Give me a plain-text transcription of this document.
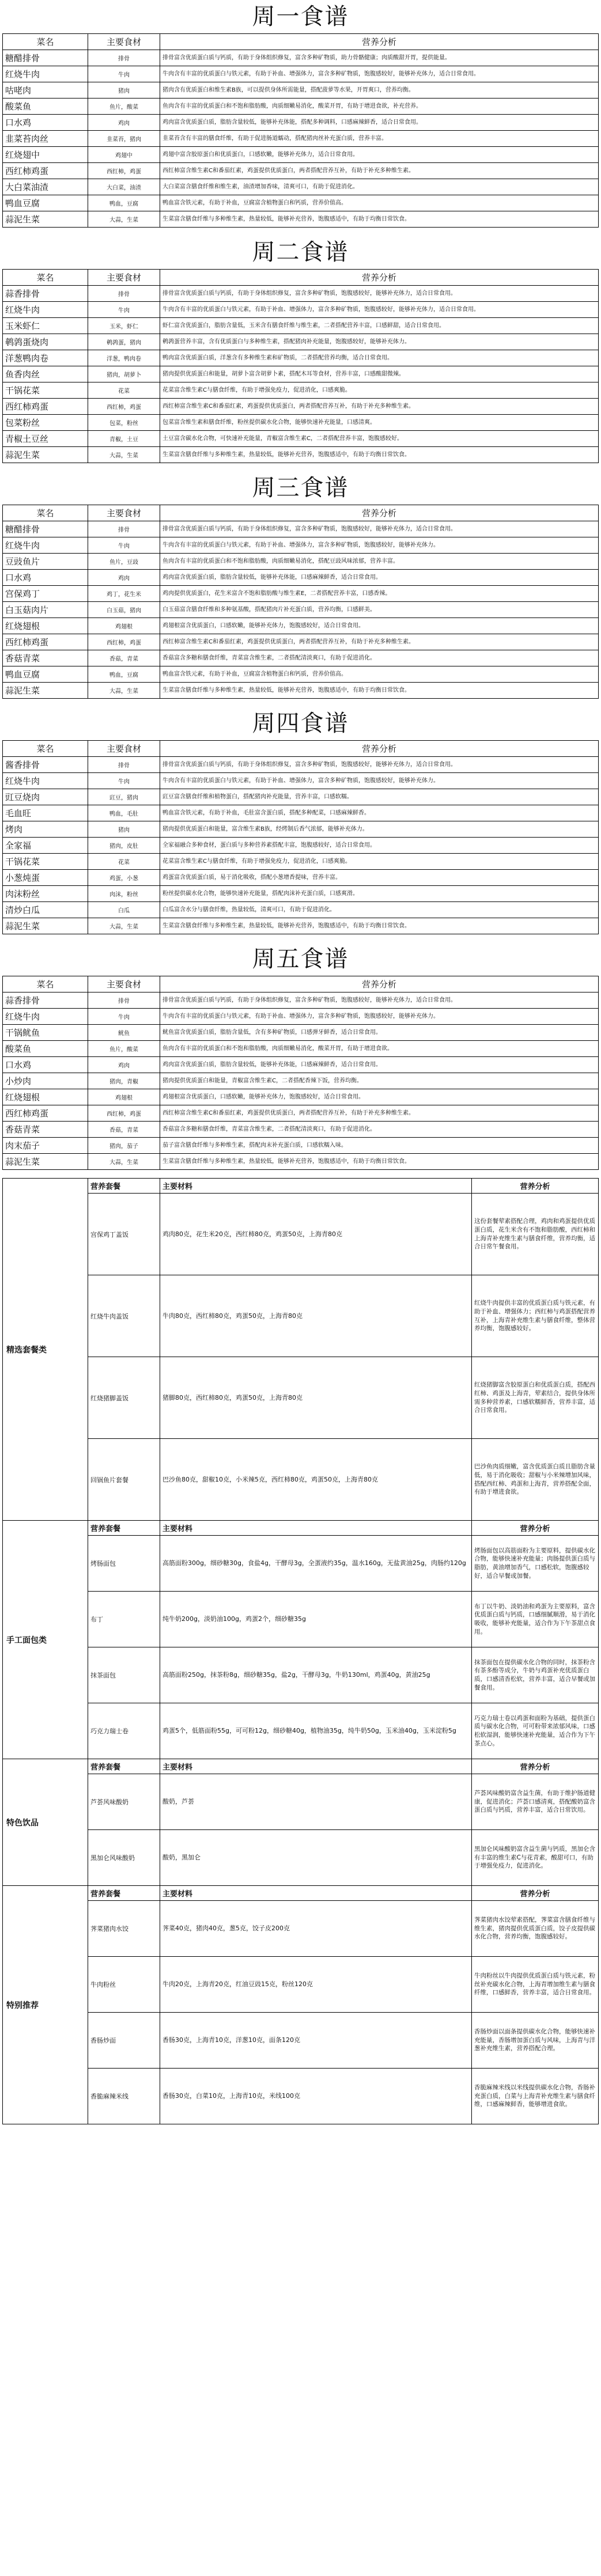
周一食谱
菜名	主要食材	营养分析
糖醋排骨	排骨	排骨富含优质蛋白质与钙质，有助于身体组织修复，富含多种矿物质，助力骨骼健康；肉质酸甜开胃，提供能量。
红烧牛肉	牛肉	牛肉含有丰富的优质蛋白与铁元素，有助于补血、增强体力，富含多种矿物质，饱腹感较好，能够补充体力，适合日常食用。
咕咾肉	猪肉	猪肉含有优质蛋白和维生素B族，可以提供身体所需能量，搭配菠萝等水果，开胃爽口，营养均衡。
酸菜鱼	鱼片，酸菜	鱼肉含有丰富的优质蛋白和不饱和脂肪酸，肉质细嫩易消化，酸菜开胃，有助于增进食欲，补充营养。
口水鸡	鸡肉	鸡肉富含优质蛋白质，脂肪含量较低，能够补充体能，搭配多种调料，口感麻辣鲜香，适合日常食用。
韭菜苔肉丝	韭菜苔，猪肉	韭菜苔含有丰富的膳食纤维，有助于促进肠道蠕动，搭配猪肉丝补充蛋白质，营养丰富。
红烧翅中	鸡翅中	鸡翅中富含胶原蛋白和优质蛋白，口感软嫩，能够补充体力，适合日常食用。
西红柿鸡蛋	西红柿，鸡蛋	西红柿富含维生素C和番茄红素，鸡蛋提供优质蛋白，两者搭配营养互补，有助于补充多种维生素。
大白菜油渣	大白菜，油渣	大白菜富含膳食纤维和维生素，油渣增加香味，清爽可口，有助于促进消化。
鸭血豆腐	鸭血，豆腐	鸭血富含铁元素，有助于补血，豆腐富含植物蛋白和钙质，营养价值高。
蒜泥生菜	大蒜，生菜	生菜富含膳食纤维与多种维生素，热量较低，能够补充营养，饱腹感适中，有助于均衡日常饮食。
周二食谱
菜名	主要食材	营养分析
蒜香排骨	排骨	排骨富含优质蛋白质与钙质，有助于身体组织修复，富含多种矿物质，饱腹感较好，能够补充体力，适合日常食用。
红烧牛肉	牛肉	牛肉含有丰富的优质蛋白与铁元素，有助于补血、增强体力，富含多种矿物质，饱腹感较好，能够补充体力，适合日常食用。
玉米虾仁	玉米，虾仁	虾仁富含优质蛋白，脂肪含量低，玉米含有膳食纤维与维生素，二者搭配营养丰富，口感鲜甜，适合日常食用。
鹌鹑蛋烧肉	鹌鹑蛋，猪肉	鹌鹑蛋营养丰富，含有优质蛋白与多种维生素，搭配猪肉补充能量，饱腹感较好，能够补充体力。
洋葱鸭肉卷	洋葱，鸭肉卷	鸭肉富含优质蛋白质，洋葱含有多种维生素和矿物质，二者搭配营养均衡，适合日常食用。
鱼香肉丝	猪肉，胡萝卜	猪肉提供优质蛋白和能量，胡萝卜富含胡萝卜素，搭配木耳等食材，营养丰富，口感酸甜微辣。
干锅花菜	花菜	花菜富含维生素C与膳食纤维，有助于增强免疫力，促进消化，口感爽脆。
西红柿鸡蛋	西红柿，鸡蛋	西红柿富含维生素C和番茄红素，鸡蛋提供优质蛋白，两者搭配营养互补，有助于补充多种维生素。
包菜粉丝	包菜，粉丝	包菜富含维生素和膳食纤维，粉丝提供碳水化合物，能够快速补充能量，口感清爽。
青椒土豆丝	青椒，土豆	土豆富含碳水化合物，可快速补充能量，青椒富含维生素C，二者搭配营养丰富，饱腹感较好。
蒜泥生菜	大蒜，生菜	生菜富含膳食纤维与多种维生素，热量较低，能够补充营养，饱腹感适中，有助于均衡日常饮食。
周三食谱
菜名	主要食材	营养分析
糖醋排骨	排骨	排骨富含优质蛋白质与钙质，有助于身体组织修复，富含多种矿物质，饱腹感较好，能够补充体力，适合日常食用。
红烧牛肉	牛肉	牛肉含有丰富的优质蛋白与铁元素，有助于补血、增强体力，富含多种矿物质，饱腹感较好，能够补充体力。
豆豉鱼片	鱼片，豆豉	鱼肉含有丰富的优质蛋白和不饱和脂肪酸，肉质细嫩易消化，搭配豆豉风味浓郁，营养丰富。
口水鸡	鸡肉	鸡肉富含优质蛋白质，脂肪含量较低，能够补充体能，口感麻辣鲜香，适合日常食用。
宫保鸡丁	鸡丁，花生米	鸡肉提供优质蛋白，花生米富含不饱和脂肪酸与维生素E，二者搭配营养丰富，口感香辣。
白玉菇肉片	白玉菇，猪肉	白玉菇富含膳食纤维和多种氨基酸，搭配猪肉片补充蛋白质，营养均衡，口感鲜美。
红烧翅根	鸡翅根	鸡翅根富含优质蛋白，口感软嫩，能够补充体力，饱腹感较好，适合日常食用。
西红柿鸡蛋	西红柿，鸡蛋	西红柿富含维生素C和番茄红素，鸡蛋提供优质蛋白，两者搭配营养互补，有助于补充多种维生素。
香菇青菜	香菇，青菜	香菇富含多糖和膳食纤维，青菜富含维生素，二者搭配清淡爽口，有助于促进消化。
鸭血豆腐	鸭血，豆腐	鸭血富含铁元素，有助于补血，豆腐富含植物蛋白和钙质，营养价值高。
蒜泥生菜	大蒜，生菜	生菜富含膳食纤维与多种维生素，热量较低，能够补充营养，饱腹感适中，有助于均衡日常饮食。
周四食谱
菜名	主要食材	营养分析
酱香排骨	排骨	排骨富含优质蛋白质与钙质，有助于身体组织修复，富含多种矿物质，饱腹感较好，能够补充体力，适合日常食用。
红烧牛肉	牛肉	牛肉含有丰富的优质蛋白与铁元素，有助于补血、增强体力，富含多种矿物质，饱腹感较好，能够补充体力。
豇豆烧肉	豇豆，猪肉	豇豆富含膳食纤维和植物蛋白，搭配猪肉补充能量，营养丰富，口感软糯。
毛血旺	鸭血，毛肚	鸭血富含铁元素，有助于补血，毛肚富含蛋白质，搭配多种配菜，口感麻辣鲜香。
烤肉	猪肉	猪肉提供优质蛋白和能量，富含维生素B族，经烤制后香气浓郁，能够补充体力。
全家福	猪肉，皮肚	全家福融合多种食材，蛋白质与多种营养素搭配丰富，饱腹感较好，适合日常食用。
干锅花菜	花菜	花菜富含维生素C与膳食纤维，有助于增强免疫力，促进消化，口感爽脆。
小葱炖蛋	鸡蛋，小葱	鸡蛋富含优质蛋白质，易于消化吸收，搭配小葱增香提味，营养丰富。
肉沫粉丝	肉沫，粉丝	粉丝提供碳水化合物，能够快速补充能量，搭配肉沫补充蛋白质，口感爽滑。
清炒白瓜	白瓜	白瓜富含水分与膳食纤维，热量较低，清爽可口，有助于促进消化。
蒜泥生菜	大蒜，生菜	生菜富含膳食纤维与多种维生素，热量较低，能够补充营养，饱腹感适中，有助于均衡日常饮食。
周五食谱
菜名	主要食材	营养分析
蒜香排骨	排骨	排骨富含优质蛋白质与钙质，有助于身体组织修复，富含多种矿物质，饱腹感较好，能够补充体力，适合日常食用。
红烧牛肉	牛肉	牛肉含有丰富的优质蛋白与铁元素，有助于补血、增强体力，富含多种矿物质，饱腹感较好，能够补充体力。
干锅鱿鱼	鱿鱼	鱿鱼富含优质蛋白质，脂肪含量低，含有多种矿物质，口感弹牙鲜香，适合日常食用。
酸菜鱼	鱼片，酸菜	鱼肉含有丰富的优质蛋白和不饱和脂肪酸，肉质细嫩易消化，酸菜开胃，有助于增进食欲。
口水鸡	鸡肉	鸡肉富含优质蛋白质，脂肪含量较低，能够补充体能，口感麻辣鲜香，适合日常食用。
小炒肉	猪肉，青椒	猪肉提供优质蛋白和能量，青椒富含维生素C，二者搭配香辣下饭，营养均衡。
红烧翅根	鸡翅根	鸡翅根富含优质蛋白，口感软嫩，能够补充体力，饱腹感较好，适合日常食用。
西红柿鸡蛋	西红柿，鸡蛋	西红柿富含维生素C和番茄红素，鸡蛋提供优质蛋白，两者搭配营养互补，有助于补充多种维生素。
香菇青菜	香菇，青菜	香菇富含多糖和膳食纤维，青菜富含维生素，二者搭配清淡爽口，有助于促进消化。
肉末茄子	猪肉，茄子	茄子富含膳食纤维与多种维生素，搭配肉末补充蛋白质，口感软糯入味。
蒜泥生菜	大蒜，生菜	生菜富含膳食纤维与多种维生素，热量较低，能够补充营养，饱腹感适中，有助于均衡日常饮食。
精选套餐类	营养套餐	主要材料	营养分析
	宫保鸡丁盖饭	鸡肉80克，花生米20克，西红柿80克，鸡蛋50克，上海青80克	这份套餐荤素搭配合理，鸡肉和鸡蛋提供优质蛋白质，花生米含有不饱和脂肪酸，西红柿和上海青补充维生素与膳食纤维，营养均衡，适合日常午餐食用。
	红烧牛肉盖饭	牛肉80克，西红柿80克，鸡蛋50克，上海青80克	红烧牛肉提供丰富的优质蛋白质与铁元素，有助于补血、增强体力；西红柿与鸡蛋搭配营养互补，上海青补充维生素与膳食纤维，整体营养均衡，饱腹感较好。
	红烧猪脚盖饭	猪脚80克，西红柿80克，鸡蛋50克，上海青80克	红烧猪脚富含胶原蛋白和优质蛋白质，搭配西红柿、鸡蛋及上海青，荤素结合，提供身体所需多种营养素，口感软糯鲜香，营养丰富，适合日常食用。
	回锅鱼片套餐	巴沙鱼80克，甜椒10克，小米辣5克，西红柿80克，鸡蛋50克，上海青80克	巴沙鱼肉质细嫩，富含优质蛋白质且脂肪含量低，易于消化吸收；甜椒与小米辣增加风味，搭配西红柿、鸡蛋和上海青，营养搭配全面，有助于增进食欲。
手工面包类	营养套餐	主要材料	营养分析
	烤肠面包	高筋面粉300g，细砂糖30g，食盐4g，干酵母3g，全蛋液约35g，温水160g，无盐黄油25g，肉肠约120g	烤肠面包以高筋面粉为主要原料，提供碳水化合物，能够快速补充能量；肉肠提供蛋白质与脂肪，黄油增加香气，口感松软，饱腹感较好，适合早餐或加餐。
	布丁	纯牛奶200g，淡奶油100g，鸡蛋2个，细砂糖35g	布丁以牛奶、淡奶油和鸡蛋为主要原料，富含优质蛋白质与钙质，口感细腻顺滑，易于消化吸收，能够补充能量，适合作为下午茶甜点食用。
	抹茶面包	高筋面粉250g，抹茶粉8g，细砂糖35g，盐2g，干酵母3g，牛奶130ml，鸡蛋40g，黄油25g	抹茶面包在提供碳水化合物的同时，抹茶粉含有茶多酚等成分，牛奶与鸡蛋补充优质蛋白质，口感清香松软，营养丰富，适合早餐或加餐食用。
	巧克力瑞士卷	鸡蛋5个，低筋面粉55g，可可粉12g，细砂糖40g，植物油35g，纯牛奶50g，玉米油40g，玉米淀粉5g	巧克力瑞士卷以鸡蛋和面粉为基础，提供蛋白质与碳水化合物，可可粉带来浓郁风味，口感松软湿润，能够快速补充能量，适合作为下午茶点心。
特色饮品	营养套餐	主要材料	营养分析
	芦荟风味酸奶	酸奶，芦荟	芦荟风味酸奶富含益生菌，有助于维护肠道健康，促进消化；芦荟口感清爽，搭配酸奶富含蛋白质与钙质，营养丰富，适合日常饮用。
	黑加仑风味酸奶	酸奶，黑加仑	黑加仑风味酸奶富含益生菌与钙质，黑加仑含有丰富的维生素C与花青素，酸甜可口，有助于增强免疫力，促进消化。
特别推荐	营养套餐	主要材料	营养分析
	荠菜猪肉水饺	荠菜40克，猪肉40克，葱5克，饺子皮200克	荠菜猪肉水饺荤素搭配，荠菜富含膳食纤维与维生素，猪肉提供优质蛋白质，饺子皮提供碳水化合物，营养均衡，饱腹感较好。
	牛肉粉丝	牛肉20克，上海青20克，红油豆豉15克，粉丝120克	牛肉粉丝以牛肉提供优质蛋白质与铁元素，粉丝补充碳水化合物，上海青增加维生素与膳食纤维，口感鲜香，营养丰富，适合日常食用。
	香肠炒面	香肠30克，上海青10克，洋葱10克，面条120克	香肠炒面以面条提供碳水化合物，能够快速补充能量，香肠增加蛋白质与风味，上海青与洋葱补充维生素，营养搭配合理。
	香脆麻辣米线	香肠30克，白菜10克，上海青10克，米线100克	香脆麻辣米线以米线提供碳水化合物，香肠补充蛋白质，白菜与上海青补充维生素与膳食纤维，口感麻辣鲜香，能够增进食欲。
